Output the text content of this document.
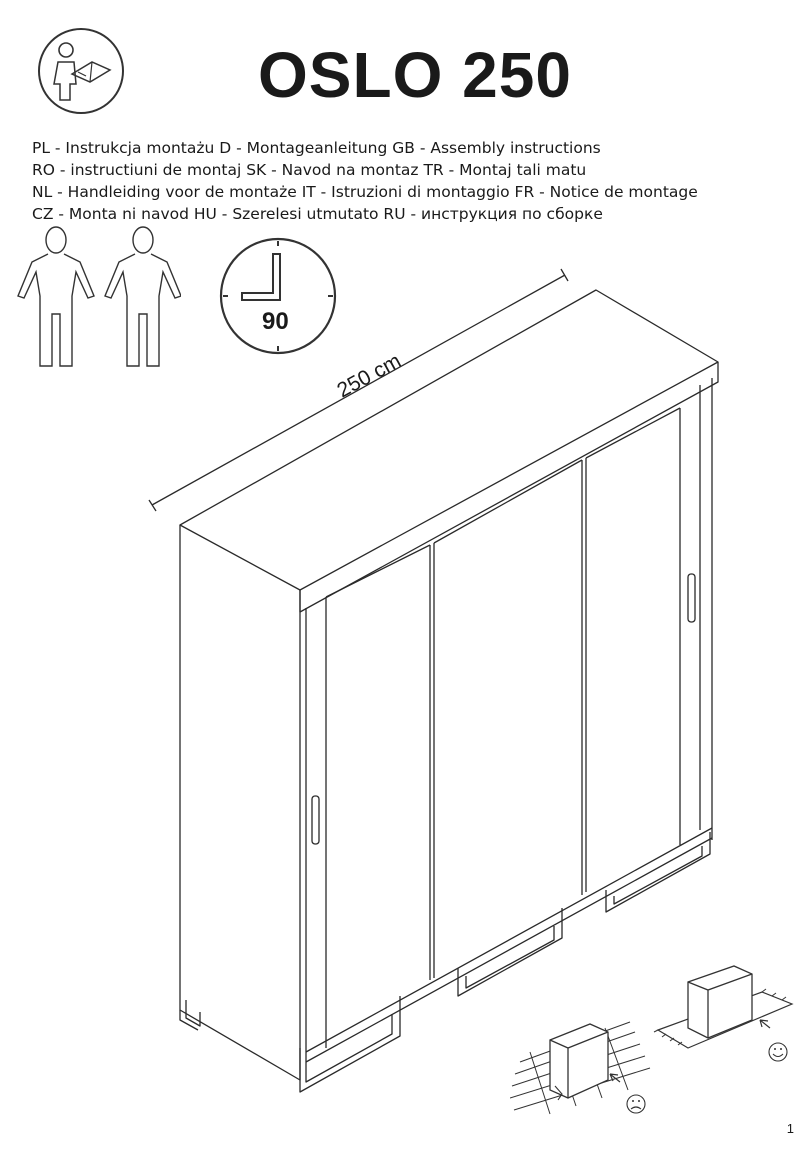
OSLO 250
PL - Instrukcja montażu D - Montageanleitung GB - Assembly instructions
RO - instructiuni de montaj SK - Navod na montaz TR - Montaj tali matu
NL - Handleiding voor de montaże IT - Istruzioni di montaggio FR - Notice de montage
CZ - Monta ni navod HU - Szerelesi utmutato RU - инструкция по сборке
90
250 cm
1
